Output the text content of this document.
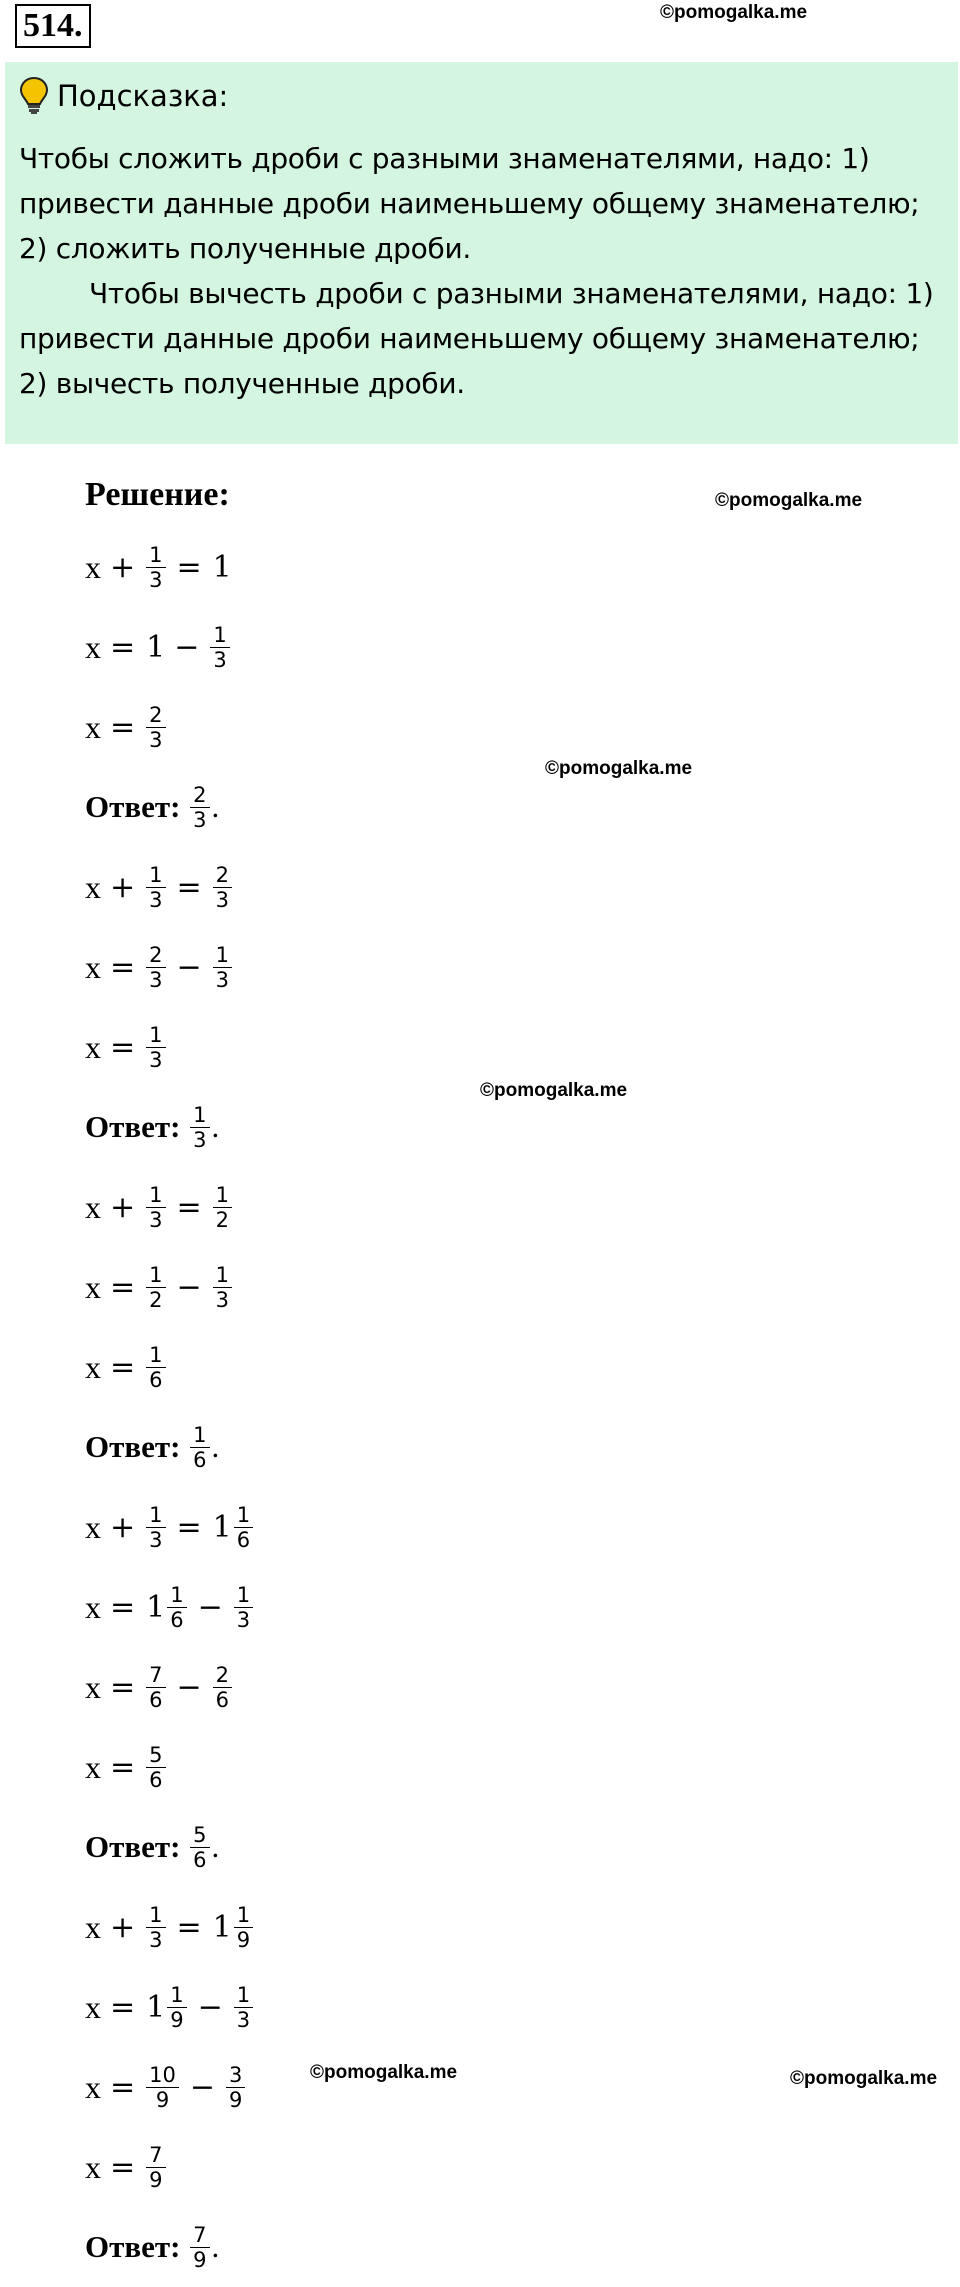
514.	©pomogalka.me
©pomogalka.me
©pomogalka.me
©pomogalka.me
©pomogalka.me	©pomogalka.me
Подсказка:

Чтобы сложить дроби с разными знаменателями, надо: 1) привести данные дроби наименьшему общему знаменателю; 2) сложить полученные дроби.

Чтобы вычесть дроби с разными знаменателями, надо: 1) привести данные дроби наименьшему общему знаменателю; 2) вычесть полученные дроби.

Решение:
$x + \frac{1}{3} = 1$
$x = 1 - \frac{1}{3}$
$x = \frac{2}{3}$
Ответ:
$\frac{2}{3}$ .
$x + \frac{1}{3} = \frac{2}{3}$
$x = \frac{2}{3} - \frac{1}{3}$
$x = \frac{1}{3}$
Ответ:
$\frac{1}{3}$ .
$x + \frac{1}{3} = \frac{1}{2}$
$x = \frac{1}{2} - \frac{1}{3}$
$x = \frac{1}{6}$
Ответ:
$\frac{1}{6}$ .
$x + \frac{1}{3} = 1 \frac{1}{6}$
$x = 1 \frac{1}{6} - \frac{1}{3}$
$x = \frac{7}{6} - \frac{2}{6}$
$x = \frac{5}{6}$
Ответ:
$\frac{5}{6}$ .
$x + \frac{1}{3} = 1 \frac{1}{9}$
$x = 1 \frac{1}{9} - \frac{1}{3}$
$x = \frac{10}{9} - \frac{3}{9}$
$x = \frac{7}{9}$
Ответ:
$\frac{7}{9}$ .
